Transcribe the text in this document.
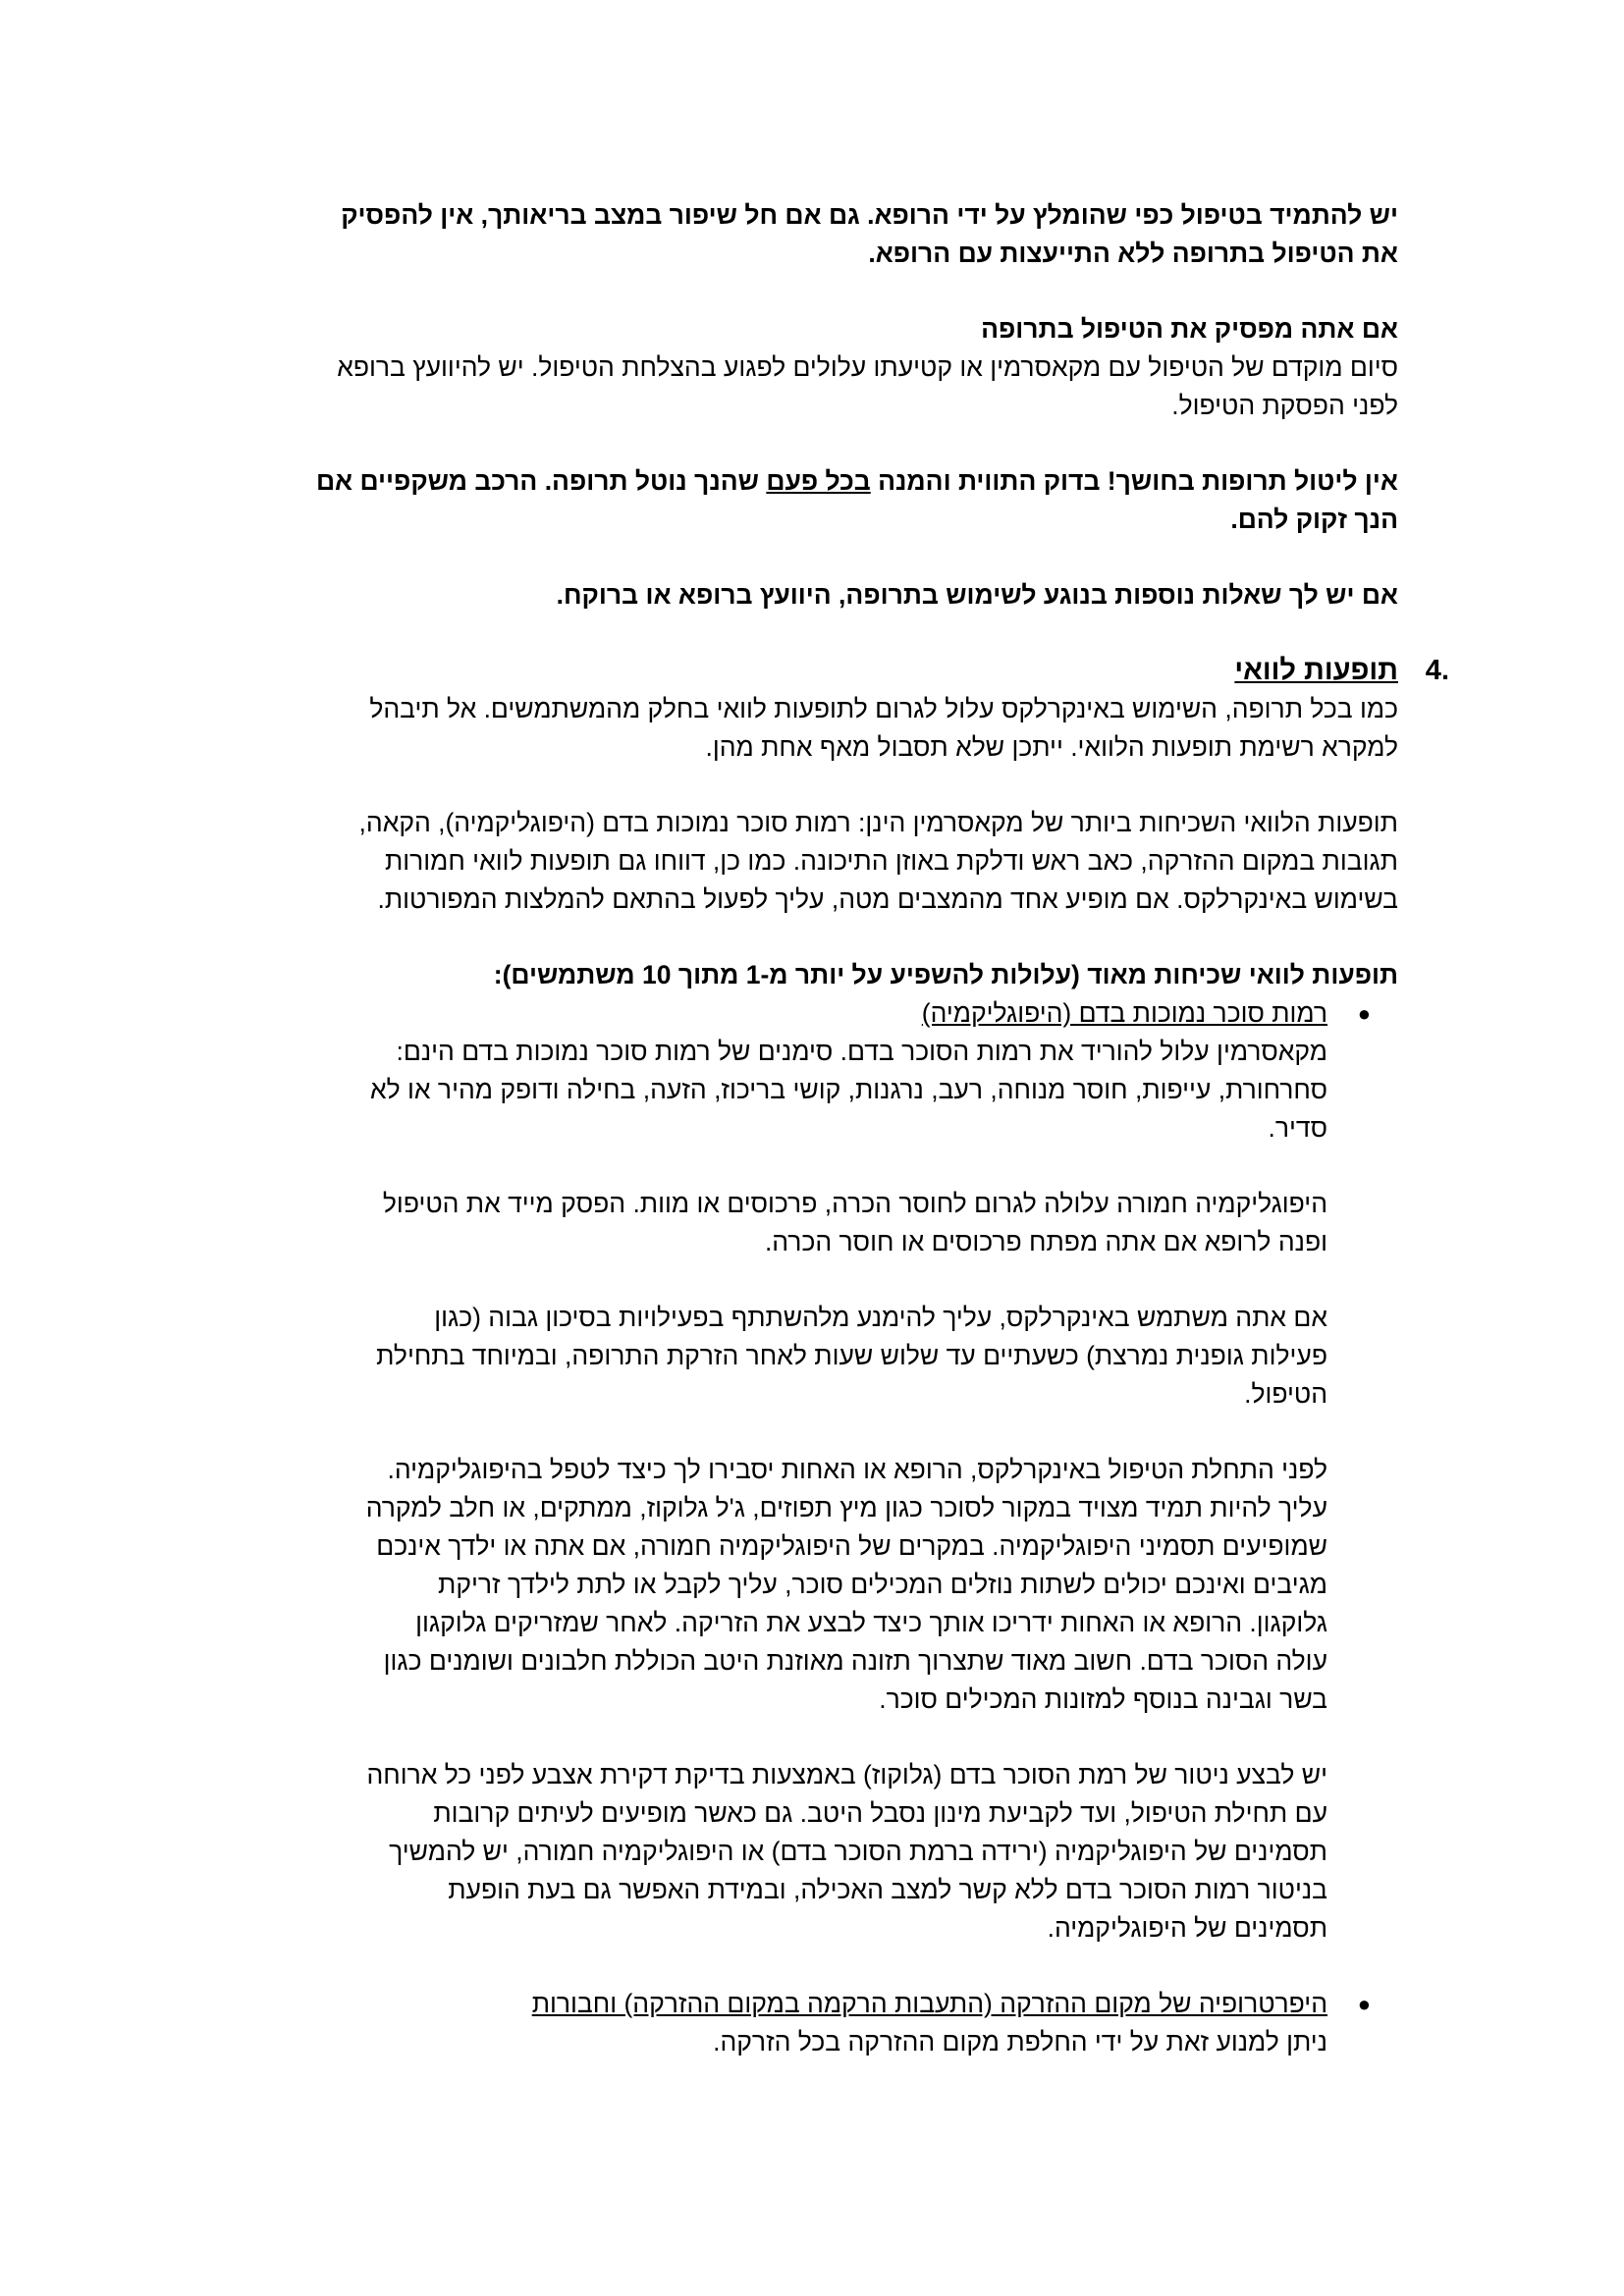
יש להתמיד בטיפול כפי שהומלץ על ידי הרופא. גם אם חל שיפור במצב בריאותך, אין להפסיק
את הטיפול בתרופה ללא התייעצות עם הרופא.

אם אתה מפסיק את הטיפול בתרופה

סיום מוקדם של הטיפול עם מקאסרמין או קטיעתו עלולים לפגוע בהצלחת הטיפול. יש להיוועץ ברופא
לפני הפסקת הטיפול.

אין ליטול תרופות בחושך! בדוק התווית והמנה בכל פעם שהנך נוטל תרופה. הרכב משקפיים אם
הנך זקוק להם.

אם יש לך שאלות נוספות בנוגע לשימוש בתרופה, היוועץ ברופא או ברוקח.

תופעות לוואי .4

כמו בכל תרופה, השימוש באינקרלקס עלול לגרום לתופעות לוואי בחלק מהמשתמשים. אל תיבהל
למקרא רשימת תופעות הלוואי. ייתכן שלא תסבול מאף אחת מהן.

תופעות הלוואי השכיחות ביותר של מקאסרמין הינן: רמות סוכר נמוכות בדם (היפוגליקמיה), הקאה,
תגובות במקום ההזרקה, כאב ראש ודלקת באוזן התיכונה. כמו כן, דווחו גם תופעות לוואי חמורות
בשימוש באינקרלקס. אם מופיע אחד מהמצבים מטה, עליך לפעול בהתאם להמלצות המפורטות.

תופעות לוואי שכיחות מאוד (עלולות להשפיע על יותר מ-1 מתוך 10 משתמשים):

●

רמות סוכר נמוכות בדם (היפוגליקמיה)

מקאסרמין עלול להוריד את רמות הסוכר בדם. סימנים של רמות סוכר נמוכות בדם הינם:
סחרחורת, עייפות, חוסר מנוחה, רעב, נרגנות, קושי בריכוז, הזעה, בחילה ודופק מהיר או לא
סדיר.

היפוגליקמיה חמורה עלולה לגרום לחוסר הכרה, פרכוסים או מוות. הפסק מייד את הטיפול
ופנה לרופא אם אתה מפתח פרכוסים או חוסר הכרה.

אם אתה משתמש באינקרלקס, עליך להימנע מלהשתתף בפעילויות בסיכון גבוה (כגון
פעילות גופנית נמרצת) כשעתיים עד שלוש שעות לאחר הזרקת התרופה, ובמיוחד בתחילת
הטיפול.

לפני התחלת הטיפול באינקרלקס, הרופא או האחות יסבירו לך כיצד לטפל בהיפוגליקמיה.
עליך להיות תמיד מצויד במקור לסוכר כגון מיץ תפוזים, ג'ל גלוקוז, ממתקים, או חלב למקרה
שמופיעים תסמיני היפוגליקמיה. במקרים של היפוגליקמיה חמורה, אם אתה או ילדך אינכם
מגיבים ואינכם יכולים לשתות נוזלים המכילים סוכר, עליך לקבל או לתת לילדך זריקת
גלוקגון. הרופא או האחות ידריכו אותך כיצד לבצע את הזריקה. לאחר שמזריקים גלוקגון
עולה הסוכר בדם. חשוב מאוד שתצרוך תזונה מאוזנת היטב הכוללת חלבונים ושומנים כגון
בשר וגבינה בנוסף למזונות המכילים סוכר.

יש לבצע ניטור של רמת הסוכר בדם (גלוקוז) באמצעות בדיקת דקירת אצבע לפני כל ארוחה
עם תחילת הטיפול, ועד לקביעת מינון נסבל היטב. גם כאשר מופיעים לעיתים קרובות
תסמינים של היפוגליקמיה (ירידה ברמת הסוכר בדם) או היפוגליקמיה חמורה, יש להמשיך
בניטור רמות הסוכר בדם ללא קשר למצב האכילה, ובמידת האפשר גם בעת הופעת
תסמינים של היפוגליקמיה.

●

היפרטרופיה של מקום ההזרקה (התעבות הרקמה במקום ההזרקה) וחבורות

ניתן למנוע זאת על ידי החלפת מקום ההזרקה בכל הזרקה.
